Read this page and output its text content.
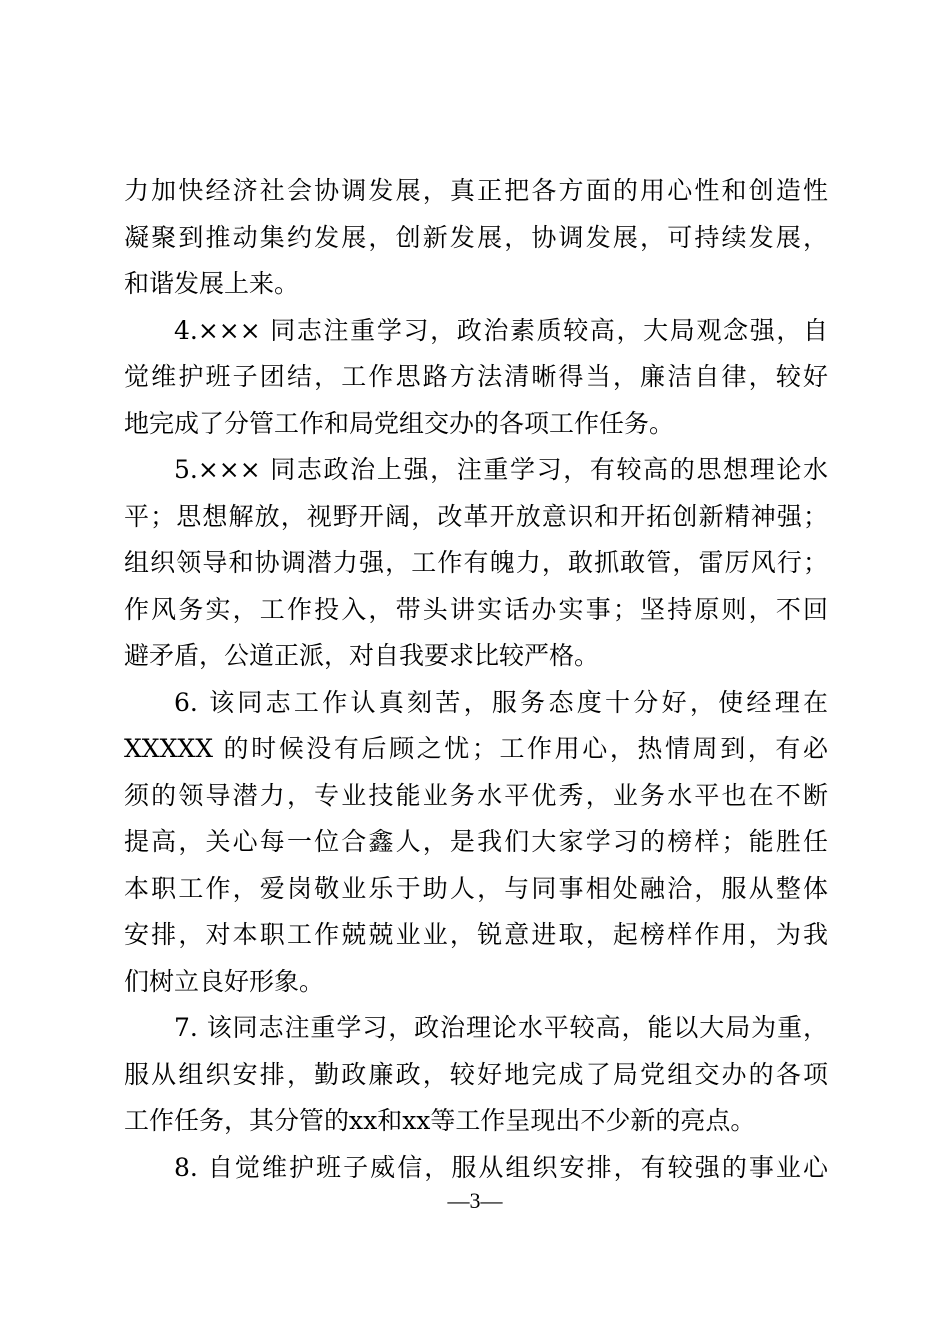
力加快经济社会协调发展，真正把各方面的用心性和创造性
凝聚到推动集约发展，创新发展，协调发展，可持续发展，
和谐发展上来。
4.××× 同志注重学习，政治素质较高，大局观念强，自
觉维护班子团结，工作思路方法清晰得当，廉洁自律，较好
地完成了分管工作和局党组交办的各项工作任务。
5.××× 同志政治上强，注重学习，有较高的思想理论水
平；思想解放，视野开阔，改革开放意识和开拓创新精神强；
组织领导和协调潜力强，工作有魄力，敢抓敢管，雷厉风行；
作风务实，工作投入，带头讲实话办实事；坚持原则，不回
避矛盾，公道正派，对自我要求比较严格。
6. 该同志工作认真刻苦，服务态度十分好，使经理在
XXXXX 的时候没有后顾之忧；工作用心，热情周到，有必
须的领导潜力，专业技能业务水平优秀，业务水平也在不断
提高，关心每一位合鑫人，是我们大家学习的榜样；能胜任
本职工作，爱岗敬业乐于助人，与同事相处融洽，服从整体
安排，对本职工作兢兢业业，锐意进取，起榜样作用，为我
们树立良好形象。
7. 该同志注重学习，政治理论水平较高，能以大局为重，
服从组织安排，勤政廉政，较好地完成了局党组交办的各项
工作任务，其分管的xx和xx等工作呈现出不少新的亮点。
8. 自觉维护班子威信，服从组织安排，有较强的事业心
—3—
